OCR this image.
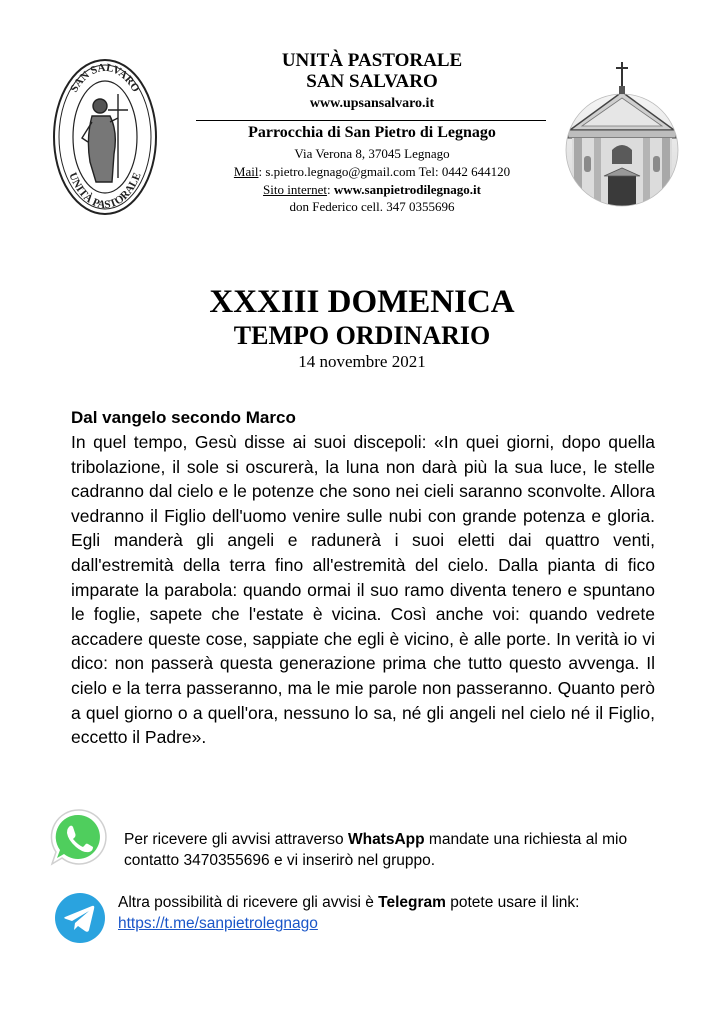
SAN SALVARO
UNITÀ PASTORALE
UNITÀ PASTORALE
SAN SALVARO
www.upsansalvaro.it
Parrocchia di San Pietro di Legnago
Via Verona 8, 37045 Legnago
Mail: s.pietro.legnago@gmail.com Tel: 0442 644120
Sito internet: www.sanpietrodilegnago.it
don Federico cell. 347 0355696
XXXIII DOMENICA
TEMPO ORDINARIO
14 novembre 2021
Dal vangelo secondo Marco

In quel tempo, Gesù disse ai suoi discepoli: «In quei giorni, dopo quella tribolazione, il sole si oscurerà, la luna non darà più la sua luce, le stelle cadranno dal cielo e le potenze che sono nei cieli saranno sconvolte. Allora vedranno il Figlio dell'uomo venire sulle nubi con grande potenza e gloria. Egli manderà gli angeli e radunerà i suoi eletti dai quattro venti, dall'estremità della terra fino all'estremità del cielo. Dalla pianta di fico imparate la parabola: quando ormai il suo ramo diventa tenero e spuntano le foglie, sapete che l'estate è vicina. Così anche voi: quando vedrete accadere queste cose, sappiate che egli è vicino, è alle porte. In verità io vi dico: non passerà questa generazione prima che tutto questo avvenga. Il cielo e la terra passeranno, ma le mie parole non passeranno. Quanto però a quel giorno o a quell'ora, nessuno lo sa, né gli angeli nel cielo né il Figlio, eccetto il Padre».

Per ricevere gli avvisi attraverso WhatsApp mandate una richiesta al mio contatto 3470355696 e vi inserirò nel gruppo.
Altra possibilità di ricevere gli avvisi è Telegram potete usare il link: https://t.me/sanpietrolegnago
